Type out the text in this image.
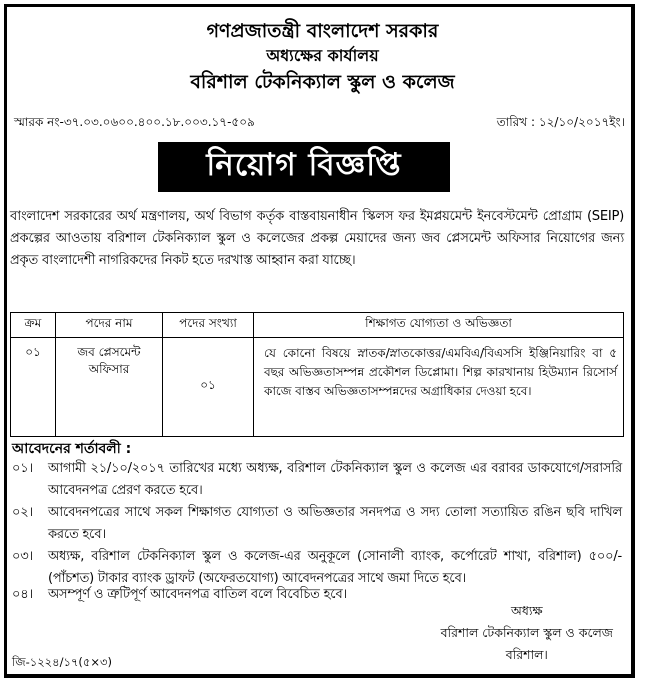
গণপ্রজাতন্ত্রী বাংলাদেশ সরকার
অধ্যক্ষের কার্যালয়
বরিশাল টেকনিক্যাল স্কুল ও কলেজ
স্মারক নং-৩৭.০৩.০৬০০.৪০০.১৮.০০৩.১৭-৫০৯	তারিখ : ১২/১০/২০১৭ইং।
নিয়োগ বিজ্ঞপ্তি
বাংলাদেশ সরকারের অর্থ মন্ত্রণালয়, অর্থ বিভাগ কর্তৃক বাস্তবায়নাধীন স্কিলস ফর ইমপ্লয়মেন্ট ইনবেস্টমেন্ট প্রোগ্রাম (SEIP) প্রকল্পের আওতায় বরিশাল টেকনিক্যাল স্কুল ও কলেজের প্রকল্প মেয়াদের জন্য জব প্লেসমেন্ট অফিসার নিয়োগের জন্য প্রকৃত বাংলাদেশী নাগরিকদের নিকট হতে দরখাস্ত আহ্বান করা যাচ্ছে।
ক্রম	পদের নাম	পদের সংখ্যা	শিক্ষাগত যোগ্যতা ও অভিজ্ঞতা
০১	জব প্লেসমেন্ট অফিসার	০১	যে কোনো বিষয়ে স্নাতক/স্নাতকোত্তর/এমবিএ/বিএসসি ইঞ্জিনিয়ারিং বা ৫ বছর অভিজ্ঞতাসম্পন্ন প্রকৌশল ডিপ্লোমা। শিল্প কারখানায় হিউম্যান রিসোর্স কাজে বাস্তব অভিজ্ঞতাসম্পন্নদের অগ্রাধিকার দেওয়া হবে।
আবেদনের শর্তাবলী :
০১। আগামী ২১/১০/২০১৭ তারিখের মধ্যে অধ্যক্ষ, বরিশাল টেকনিক্যাল স্কুল ও কলেজ এর বরাবর ডাকযোগে/সরাসরি আবেদনপত্র প্রেরণ করতে হবে।
০২। আবেদনপত্রের সাথে সকল শিক্ষাগত যোগ্যতা ও অভিজ্ঞতার সনদপত্র ও সদ্য তোলা সত্যায়িত রঙিন ছবি দাখিল করতে হবে।
০৩। অধ্যক্ষ, বরিশাল টেকনিক্যাল স্কুল ও কলেজ-এর অনুকূলে (সোনালী ব্যাংক, কর্পোরেট শাখা, বরিশাল) ৫০০/- (পাঁচশত) টাকার ব্যাংক ড্রাফট (অফেরতযোগ্য) আবেদনপত্রের সাথে জমা দিতে হবে।
০৪। অসম্পূর্ণ ও ত্রুটিপূর্ণ আবেদনপত্র বাতিল বলে বিবেচিত হবে।
অধ্যক্ষ
বরিশাল টেকনিক্যাল স্কুল ও কলেজ
বরিশাল।
জি-১২২৪/১৭(৫×৩)
